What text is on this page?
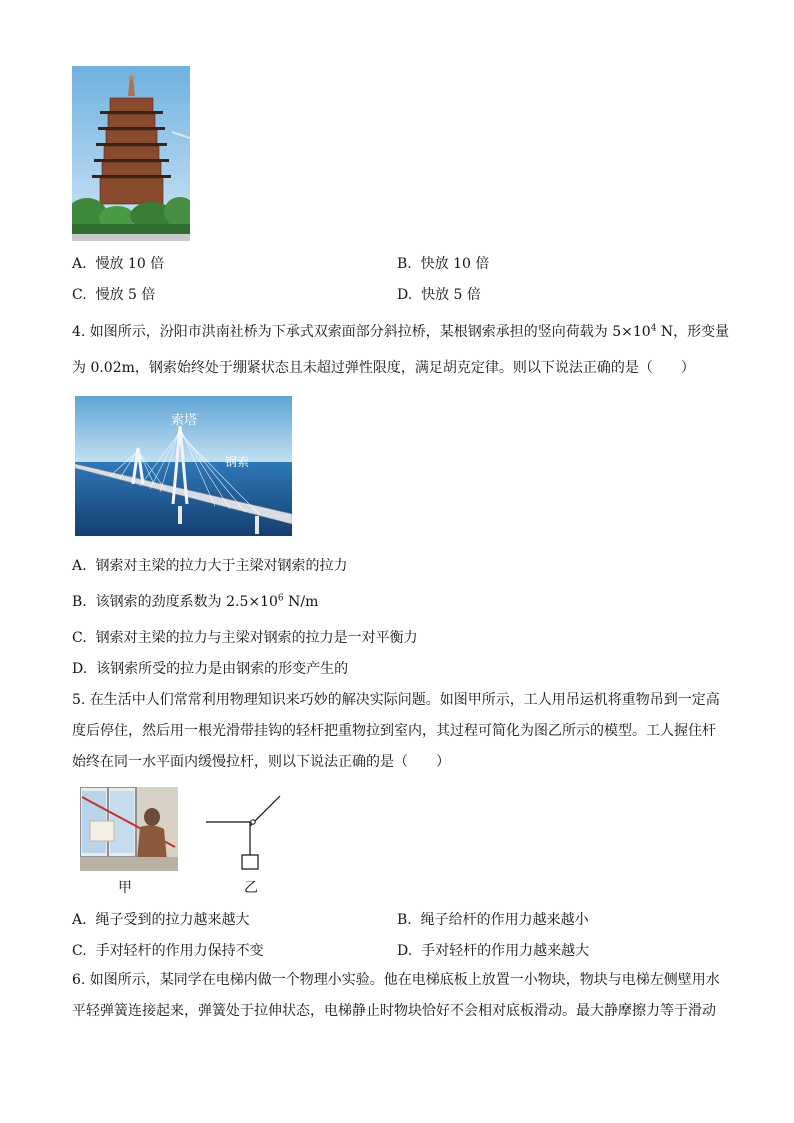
A. 慢放 10 倍	B. 快放 10 倍
C. 慢放 5 倍	D. 快放 5 倍
4. 如图所示，汾阳市洪南社桥为下承式双索面部分斜拉桥，某根钢索承担的竖向荷载为 $5\times 10^4$ N，形变量
为 0.02m，钢索始终处于绷紧状态且未超过弹性限度，满足胡克定律。则以下说法正确的是（　　）
索塔
钢索
A. 钢索对主梁的拉力大于主梁对钢索的拉力
B. 该钢索的劲度系数为 $2.5\times 10^6$ N/m
C. 钢索对主梁的拉力与主梁对钢索的拉力是一对平衡力
D. 该钢索所受的拉力是由钢索的形变产生的
5. 在生活中人们常常利用物理知识来巧妙的解决实际问题。如图甲所示，工人用吊运机将重物吊到一定高
度后停住，然后用一根光滑带挂钩的轻杆把重物拉到室内，其过程可简化为图乙所示的模型。工人握住杆
始终在同一水平面内缓慢拉杆，则以下说法正确的是（　　）
甲	乙
A. 绳子受到的拉力越来越大	B. 绳子给杆的作用力越来越小
C. 手对轻杆的作用力保持不变	D. 手对轻杆的作用力越来越大
6. 如图所示，某同学在电梯内做一个物理小实验。他在电梯底板上放置一小物块，物块与电梯左侧壁用水
平轻弹簧连接起来，弹簧处于拉伸状态，电梯静止时物块恰好不会相对底板滑动。最大静摩擦力等于滑动
